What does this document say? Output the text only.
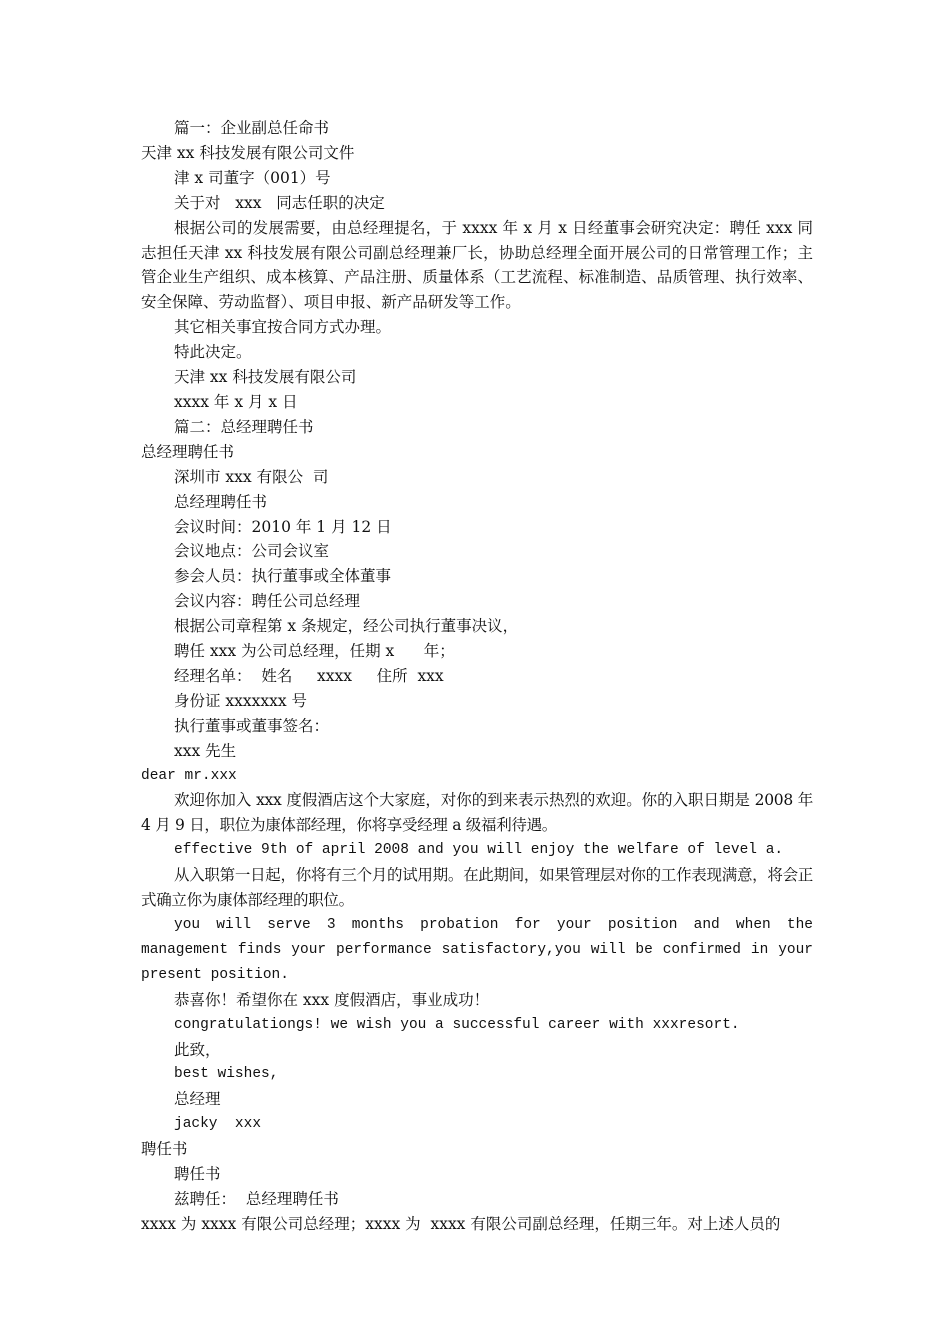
篇一：企业副总任命书

天津 xx 科技发展有限公司文件

津 x 司董字（001）号

关于对   xxx   同志任职的决定

根据公司的发展需要，由总经理提名，于 xxxx 年 x 月 x 日经董事会研究决定：聘任 xxx 同志担任天津 xx 科技发展有限公司副总经理兼厂长，协助总经理全面开展公司的日常管理工作；主管企业生产组织、成本核算、产品注册、质量体系（工艺流程、标准制造、品质管理、执行效率、安全保障、劳动监督）、项目申报、新产品研发等工作。

其它相关事宜按合同方式办理。

特此决定。

天津 xx 科技发展有限公司

xxxx 年 x 月 x 日

篇二：总经理聘任书

总经理聘任书

深圳市 xxx 有限公  司

总经理聘任书

会议时间：2010 年 1 月 12 日

会议地点：公司会议室

参会人员：执行董事或全体董事

会议内容：聘任公司总经理

根据公司章程第 x 条规定，经公司执行董事决议，

聘任 xxx 为公司总经理，任期 x      年；

经理名单：  姓名     xxxx     住所  xxx

身份证 xxxxxxx 号

执行董事或董事签名：

xxx 先生

dear mr.xxx

欢迎你加入 xxx 度假酒店这个大家庭，对你的到来表示热烈的欢迎。你的入职日期是 2008 年 4 月 9 日，职位为康体部经理，你将享受经理 a 级福利待遇。

effective 9th of april 2008 and you will enjoy the welfare of level a.

从入职第一日起，你将有三个月的试用期。在此期间，如果管理层对你的工作表现满意，将会正式确立你为康体部经理的职位。

you will serve 3 months probation for your position and when the management finds your performance satisfactory,you will be confirmed in your present position.

恭喜你！希望你在 xxx 度假酒店，事业成功！

congratulationgs! we wish you a successful career with xxxresort.

此致，

best wishes,

总经理

jacky  xxx

聘任书

聘任书

兹聘任：  总经理聘任书

xxxx 为 xxxx 有限公司总经理；xxxx 为  xxxx 有限公司副总经理，任期三年。对上述人员的
